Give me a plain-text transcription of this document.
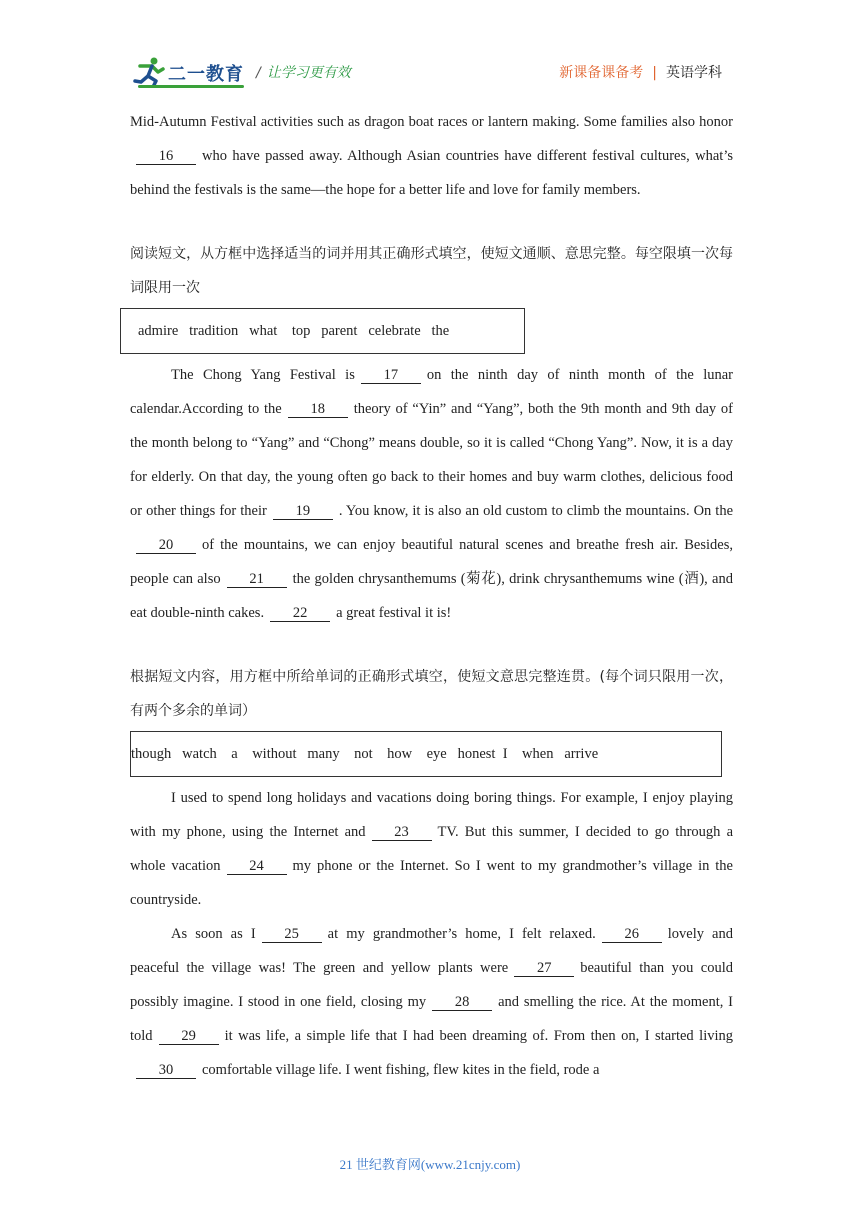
二一教育 / 让学习更有效	新课备课备考 | 英语学科

Mid-Autumn Festival activities such as dragon boat races or lantern making. Some families also honor16 who have passed away. Although Asian countries have different festival cultures, what’s behind the festivals is the same—the hope for a better life and love for family members.

阅读短文，从方框中选择适当的词并用其正确形式填空，使短文通顺、意思完整。每空限填一次每词限用一次

admire   tradition   what    top   parent   celebrate   the

The Chong Yang Festival is 17 on the ninth day of ninth month of the lunar calendar.According to the 18 theory of “Yin” and “Yang”, both the 9th month and 9th day of the month belong to “Yang” and “Chong” means double, so it is called “Chong Yang”. Now, it is a day for elderly. On that day, the young often go back to their homes and buy warm clothes, delicious food or other things for their 19 . You know, it is also an old custom to climb the mountains. On the20 of the mountains, we can enjoy beautiful natural scenes and breathe fresh air. Besides, people can also 21 the golden chrysanthemums (菊花), drink chrysanthemums wine (酒), and eat double-ninth cakes. 22 a great festival it is!

根据短文内容，用方框中所给单词的正确形式填空，使短文意思完整连贯。(每个词只限用一次，有两个多余的单词）

though   watch    a    without   many    not    how    eye   honest  I    when   arrive

I used to spend long holidays and vacations doing boring things. For example, I enjoy playing with my phone, using the Internet and 23 TV. But this summer, I decided to go through a whole vacation 24 my phone or the Internet. So I went to my grandmother’s village in the countryside.

As soon as I 25 at my grandmother’s home, I felt relaxed. 26 lovely and peaceful the village was! The green and yellow plants were 27 beautiful than you could possibly imagine. I stood in one field, closing my 28 and smelling the rice. At the moment, I told 29 it was life, a simple life that I had been dreaming of. From then on, I started living30 comfortable village life. I went fishing, flew kites in the field, rode a

21 世纪教育网(www.21cnjy.com)
